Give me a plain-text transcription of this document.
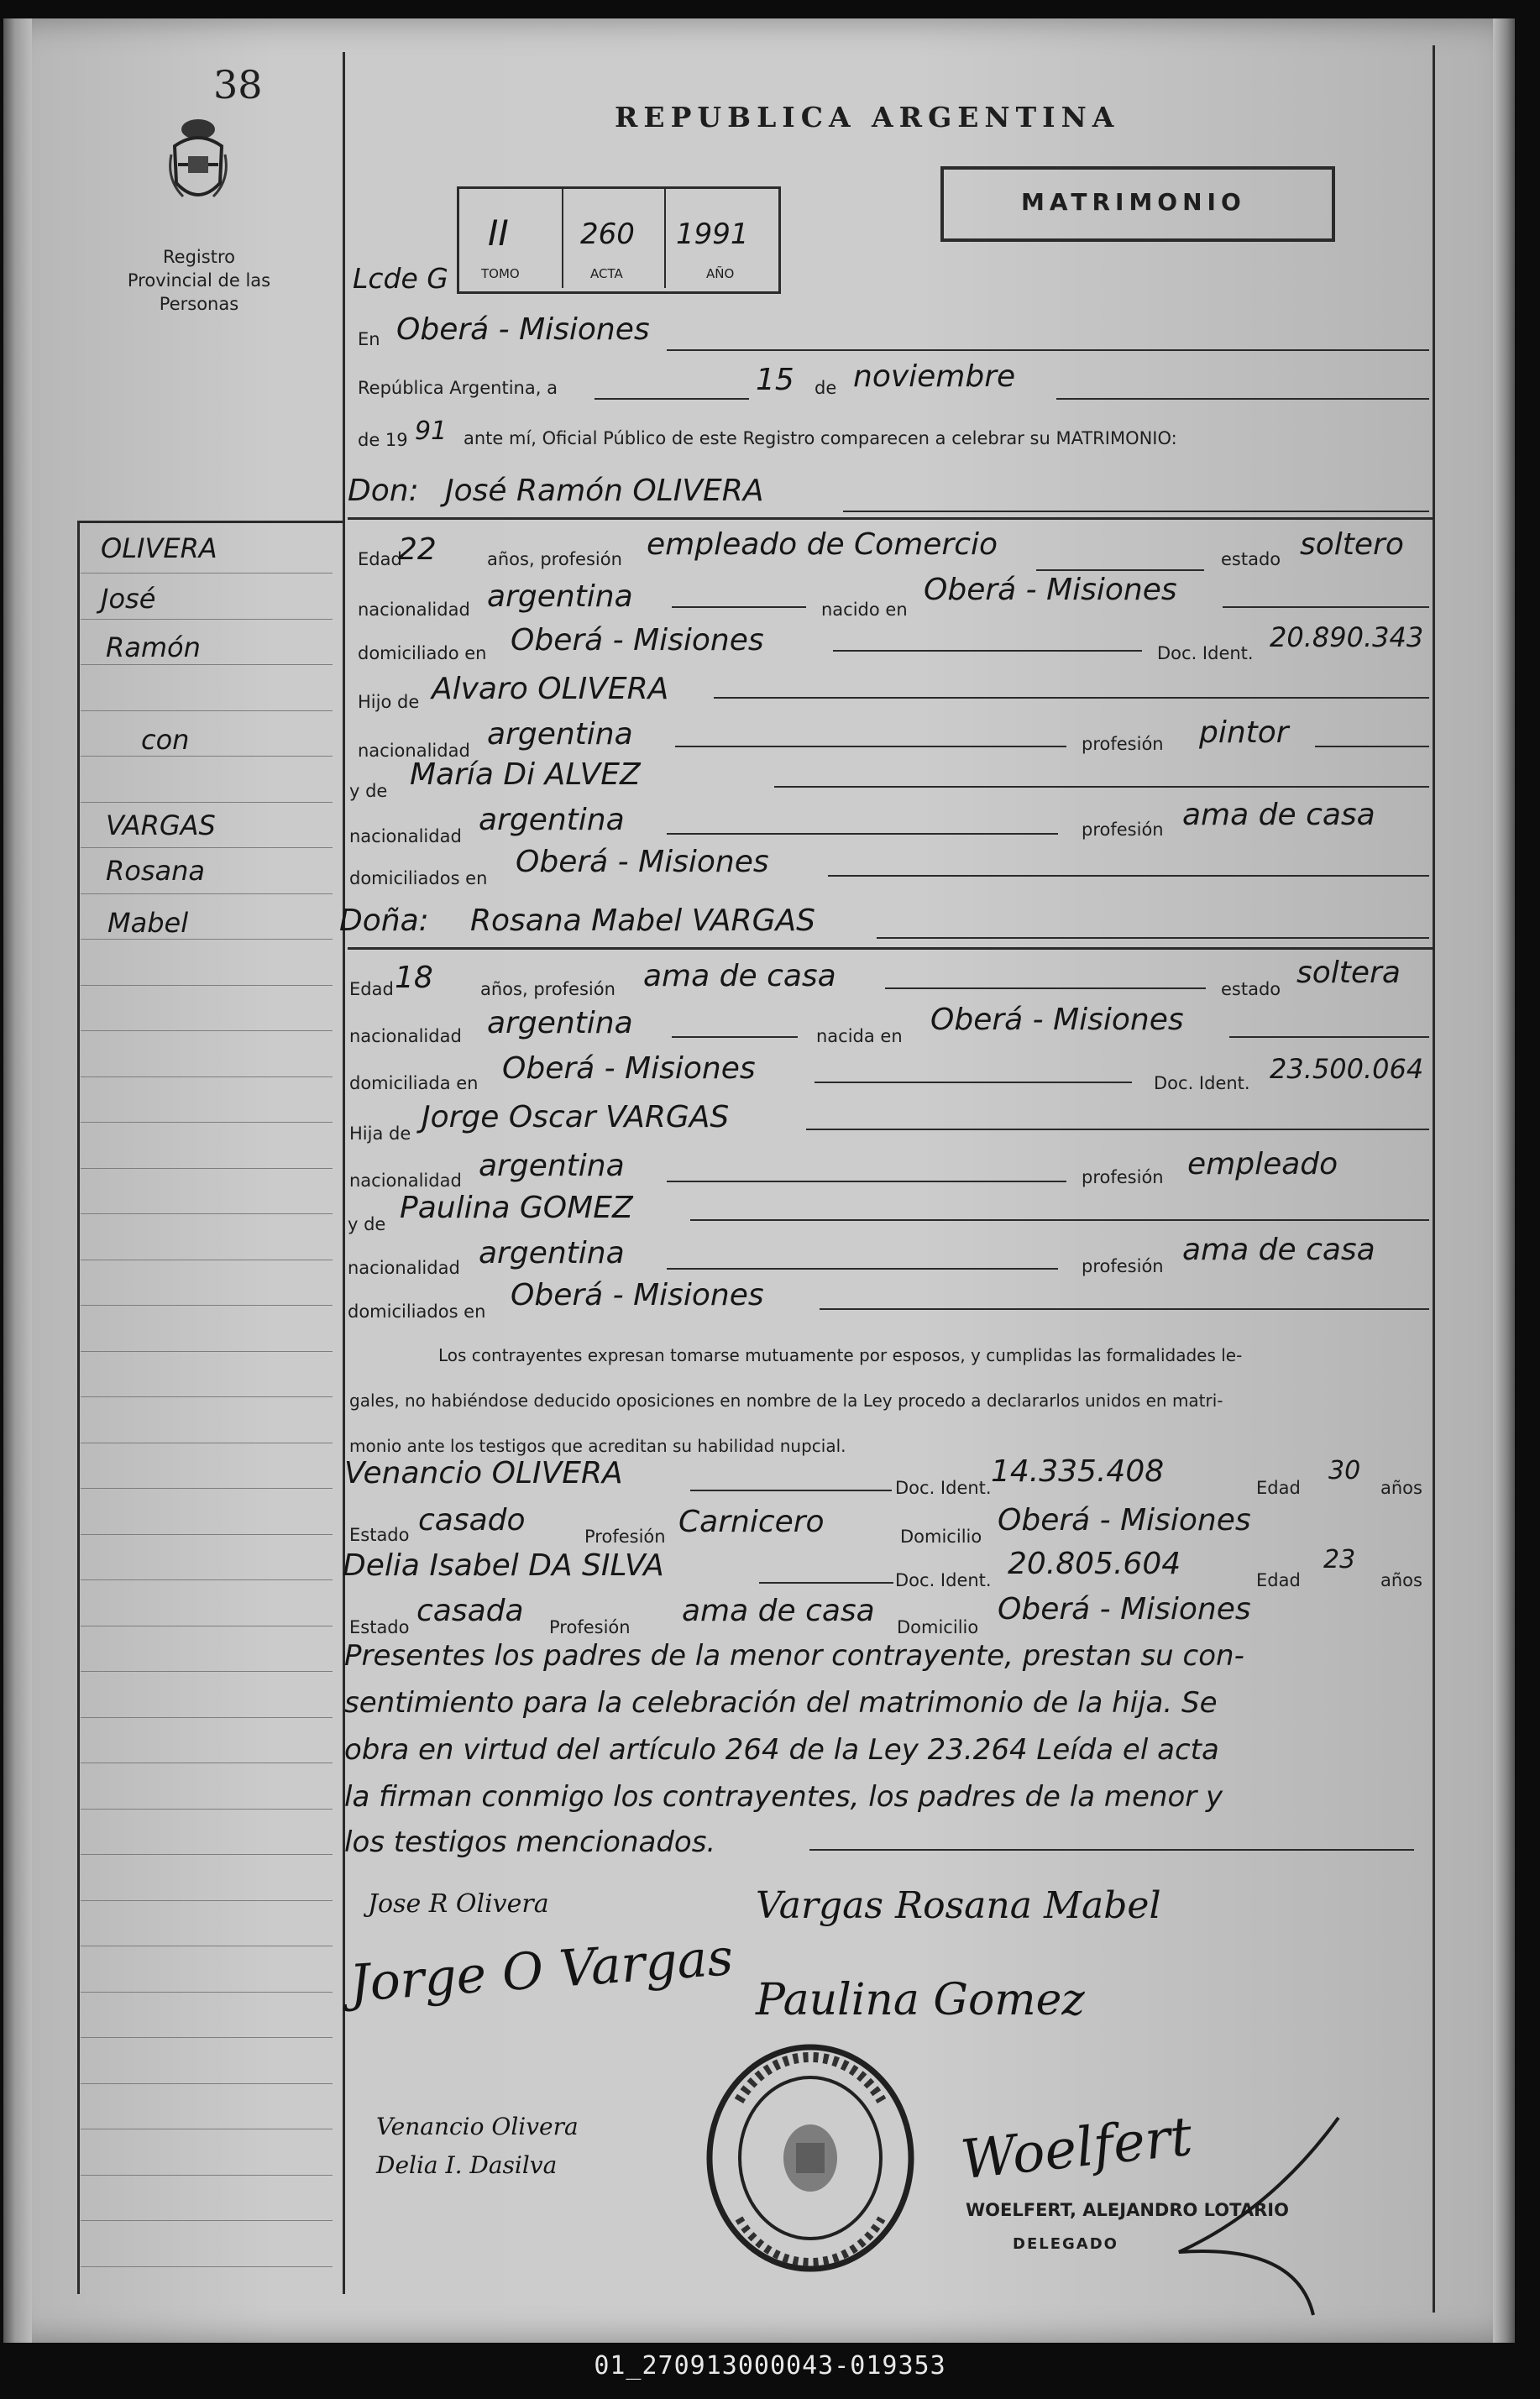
38
Registro Provincial de las Personas
REPUBLICA ARGENTINA
Lcde G
II
TOMO
260
ACTA
1991
AÑO
MATRIMONIO
En Oberá - Misiones
República Argentina, a	15 de noviembre
de 19 91 ante mí, Oficial Público de este Registro comparecen a celebrar su MATRIMONIO:
Don: José Ramón OLIVERA
Edad
22	años, profesión empleado de Comercio	estado soltero
nacionalidad argentina	nacido en
Oberá - Misiones
domiciliado en Oberá - Misiones	Doc. Ident. 20.890.343
Hijo de Alvaro OLIVERA
nacionalidad argentina	profesión pintor
y de María Di ALVEZ
nacionalidad argentina	profesión ama de casa
domiciliados en Oberá - Misiones
Doña: Rosana Mabel VARGAS
Edad 18	años, profesión ama de casa	estado soltera
nacionalidad argentina	nacida en Oberá - Misiones
domiciliada en Oberá - Misiones	Doc. Ident. 23.500.064
Hija de Jorge Oscar VARGAS
nacionalidad argentina	profesión empleado
y de Paulina GOMEZ
nacionalidad argentina	profesión ama de casa
domiciliados en Oberá - Misiones
Los contrayentes expresan tomarse mutuamente por esposos, y cumplidas las formalidades le-
gales, no habiéndose deducido oposiciones en nombre de la Ley procedo a declararlos unidos en matri-
monio ante los testigos que acreditan su habilidad nupcial.
Venancio OLIVERA	Doc. Ident. 14.335.408	Edad
30
años
Estado casado	Profesión Carnicero	Domicilio Oberá - Misiones
Delia Isabel DA SILVA	Doc. Ident. 20.805.604	Edad
23
años
Estado casada Profesión ama de casa Domicilio
Oberá - Misiones
Presentes los padres de la menor contrayente, prestan su con-
sentimiento para la celebración del matrimonio de la hija. Se
obra en virtud del artículo 264 de la Ley 23.264 Leída el acta
la firman conmigo los contrayentes, los padres de la menor y
los testigos mencionados.
Jose R Olivera
Jorge O Vargas
Vargas Rosana Mabel
Paulina Gomez
Venancio Olivera
Delia I. Dasilva	Woelfert
WOELFERT, ALEJANDRO LOTARIO
DELEGADO
OLIVERA
José
Ramón
con
VARGAS
Rosana
Mabel
01_270913000043-019353
